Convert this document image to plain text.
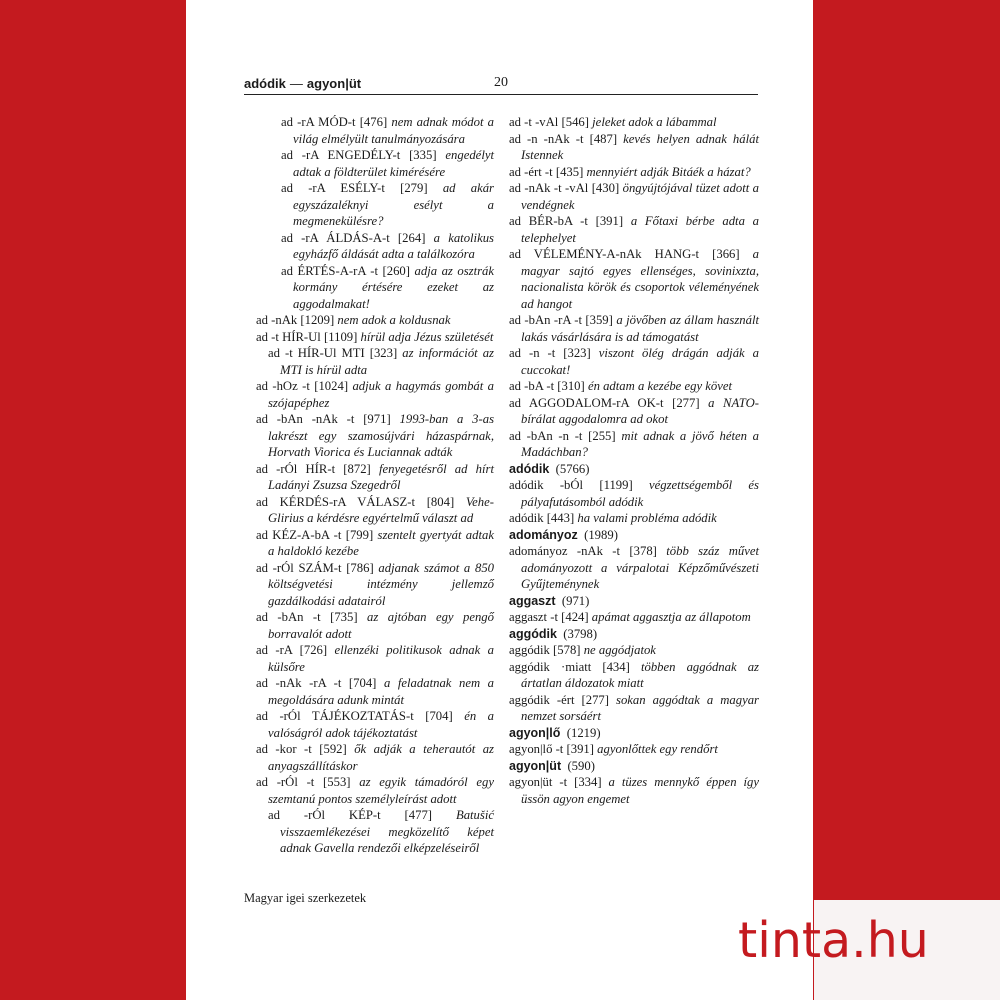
adódik — agyon|üt	20
ad -rA MÓD-t [476] nem adnak módot a világ elmélyült tanulmányozására
ad -rA ENGEDÉLY-t [335] engedélyt adtak a földterület kimérésére
ad -rA ESÉLY-t [279] ad akár egyszázaléknyi esélyt a megmenekülésre?
ad -rA ÁLDÁS-A-t [264] a katolikus egyházfő áldását adta a találkozóra
ad ÉRTÉS-A-rA -t [260] adja az osztrák kormány értésére ezeket az aggodalmakat!
ad -nAk [1209] nem adok a koldusnak
ad -t HÍR-Ul [1109] hírül adja Jézus születését
ad -t HÍR-Ul MTI [323] az információt az MTI is hírül adta
ad -hOz -t [1024] adjuk a hagymás gombát a szójapéphez
ad -bAn -nAk -t [971] 1993-ban a 3-as lakrészt egy szamosújvári házaspárnak, Horvath Viorica és Luciannak adták
ad -rÓl HÍR-t [872] fenyegetésről ad hírt Ladányi Zsuzsa Szegedről
ad KÉRDÉS-rA VÁLASZ-t [804] Vehe-Glirius a kérdésre egyértelmű választ ad
ad KÉZ-A-bA -t [799] szentelt gyertyát adtak a haldokló kezébe
ad -rÓl SZÁM-t [786] adjanak számot a 850 költségvetési intézmény jellemző gazdálkodási adatairól
ad -bAn -t [735] az ajtóban egy pengő borravalót adott
ad -rA [726] ellenzéki politikusok adnak a külsőre
ad -nAk -rA -t [704] a feladatnak nem a megoldására adunk mintát
ad -rÓl TÁJÉKOZTATÁS-t [704] én a valóságról adok tájékoztatást
ad -kor -t [592] ők adják a teherautót az anyagszállításkor
ad -rÓl -t [553] az egyik támadóról egy szemtanú pontos személyleírást adott
ad -rÓl KÉP-t [477] Batušić visszaemlékezései megközelítő képet adnak Gavella rendezői elképzeléseiről
ad -t -vAl [546] jeleket adok a lábammal
ad -n -nAk -t [487] kevés helyen adnak hálát Istennek
ad -ért -t [435] mennyiért adják Bitáék a házat?
ad -nAk -t -vAl [430] öngyújtójával tüzet adott a vendégnek
ad BÉR-bA -t [391] a Főtaxi bérbe adta a telephelyet
ad VÉLEMÉNY-A-nAk HANG-t [366] a magyar sajtó egyes ellenséges, sovinixzta, nacionalista körök és csoportok véleményének ad hangot
ad -bAn -rA -t [359] a jövőben az állam használt lakás vásárlására is ad támogatást
ad -n -t [323] viszont ölég drágán adják a cuccokat!
ad -bA -t [310] én adtam a kezébe egy követ
ad AGGODALOM-rA OK-t [277] a NATO-bírálat aggodalomra ad okot
ad -bAn -n -t [255] mit adnak a jövő héten a Madáchban?
adódik (5766)
adódik -bÓl [1199] végzettségemből és pályafutásomból adódik
adódik [443] ha valami probléma adódik
adományoz (1989)
adományoz -nAk -t [378] több száz művet adományozott a várpalotai Képzőművészeti Gyűjteménynek
aggaszt (971)
aggaszt -t [424] apámat aggasztja az állapotom
aggódik (3798)
aggódik [578] ne aggódjatok
aggódik ·miatt [434] többen aggódnak az ártatlan áldozatok miatt
aggódik -ért [277] sokan aggódtak a magyar nemzet sorsáért
agyon|lő (1219)
agyon|lő -t [391] agyonlőttek egy rendőrt
agyon|üt (590)
agyon|üt -t [334] a tüzes mennykő éppen így üssön agyon engemet
Magyar igei szerkezetek
tinta.hu
